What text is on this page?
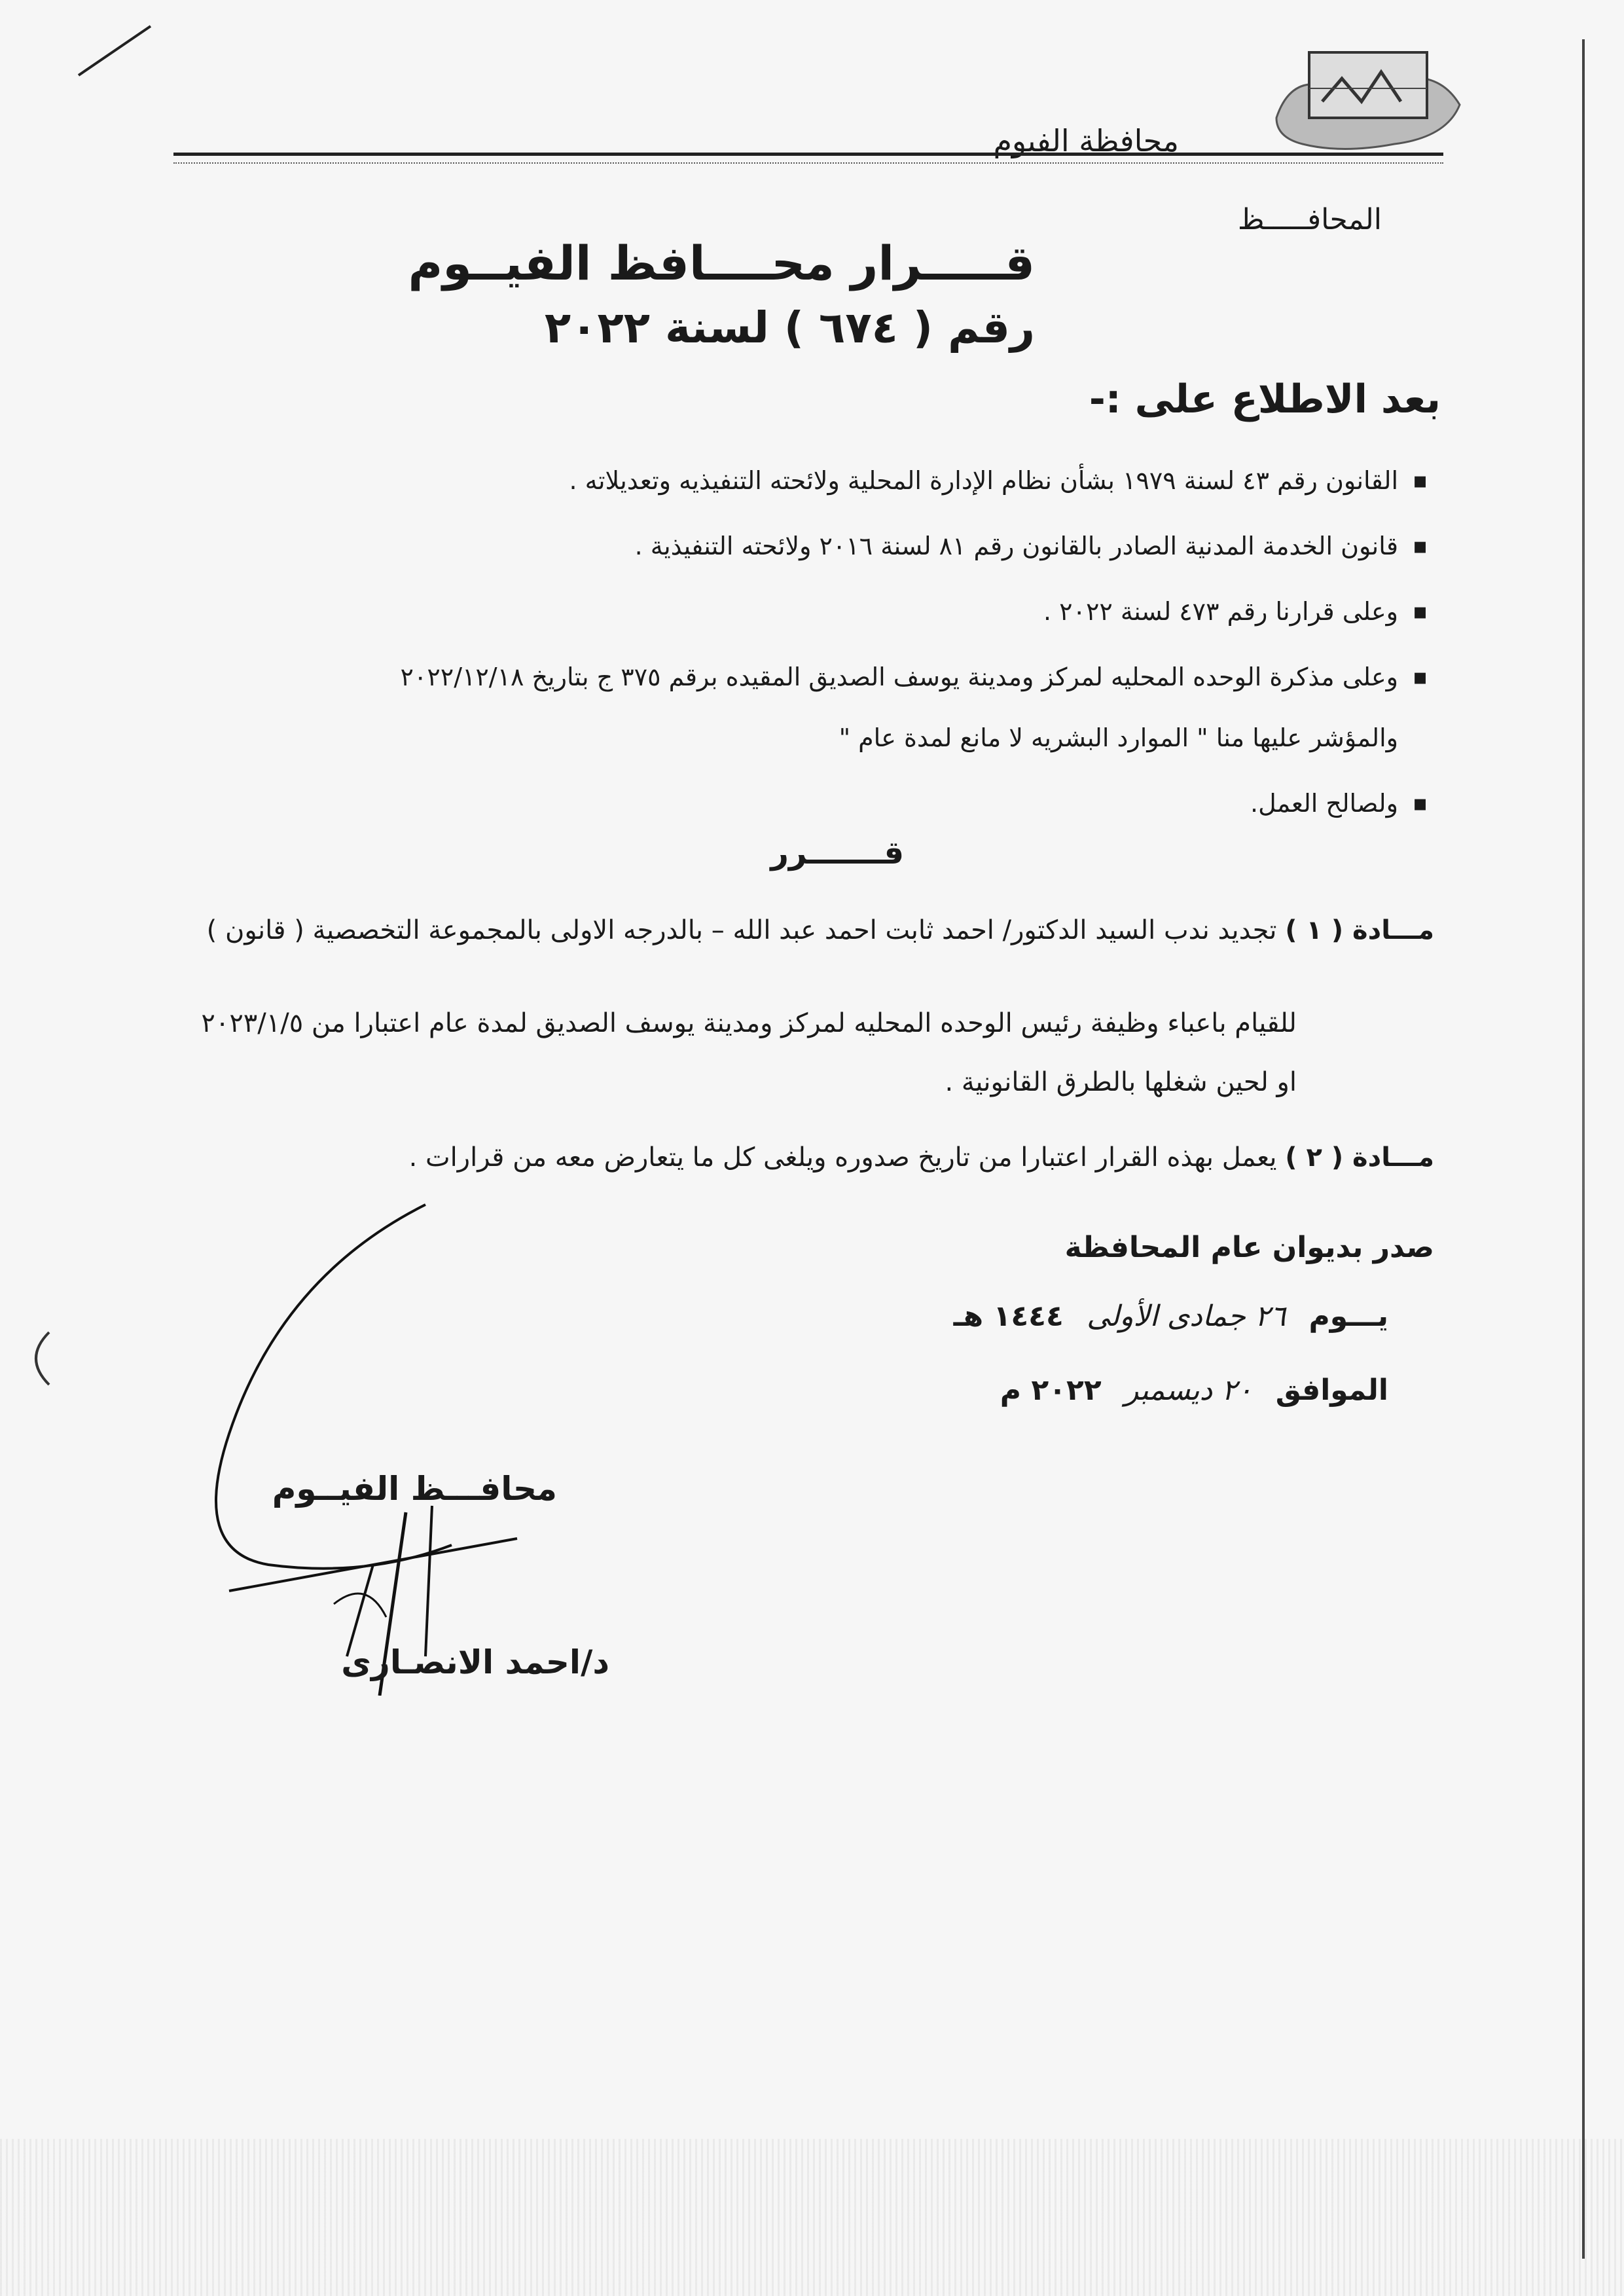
محافظة الفيوم
المحافـــــظ
قـــــرار محــــافظ الفيــوم
رقم ( ٦٧٤ ) لسنة ٢٠٢٢
بعد الاطلاع على :-
القانون رقم ٤٣ لسنة ١٩٧٩ بشأن نظام الإدارة المحلية ولائحته التنفيذيه وتعديلاته . ▪
قانون الخدمة المدنية الصادر بالقانون رقم ٨١ لسنة ٢٠١٦ ولائحته التنفيذية . ▪
وعلى قرارنا رقم ٤٧٣ لسنة ٢٠٢٢ . ▪
وعلى مذكرة الوحده المحليه لمركز ومدينة يوسف الصديق المقيده برقم ٣٧٥ ج بتاريخ ٢٠٢٢/١٢/١٨ ▪
والمؤشر عليها منا " الموارد البشريه لا مانع لمدة عام "
ولصالح العمل. ▪
قـــــــرر
مـــادة ( ١ ) تجديد ندب السيد الدكتور/ احمد ثابت احمد عبد الله – بالدرجه الاولى بالمجموعة التخصصية ( قانون )
للقيام باعباء وظيفة رئيس الوحده المحليه لمركز ومدينة يوسف الصديق لمدة عام اعتبارا من ٢٠٢٣/١/٥
او لحين شغلها بالطرق القانونية .
مـــادة ( ٢ ) يعمل بهذه القرار اعتبارا من تاريخ صدوره ويلغى كل ما يتعارض معه من قرارات .
صدر بديوان عام المحافظة
يـــوم ٢٦ جمادى الأولى ١٤٤٤ هـ
الموافق ٢٠ ديسمبر ٢٠٢٢ م
محافـــظ الفيــوم
د/احمد الانصـارى
